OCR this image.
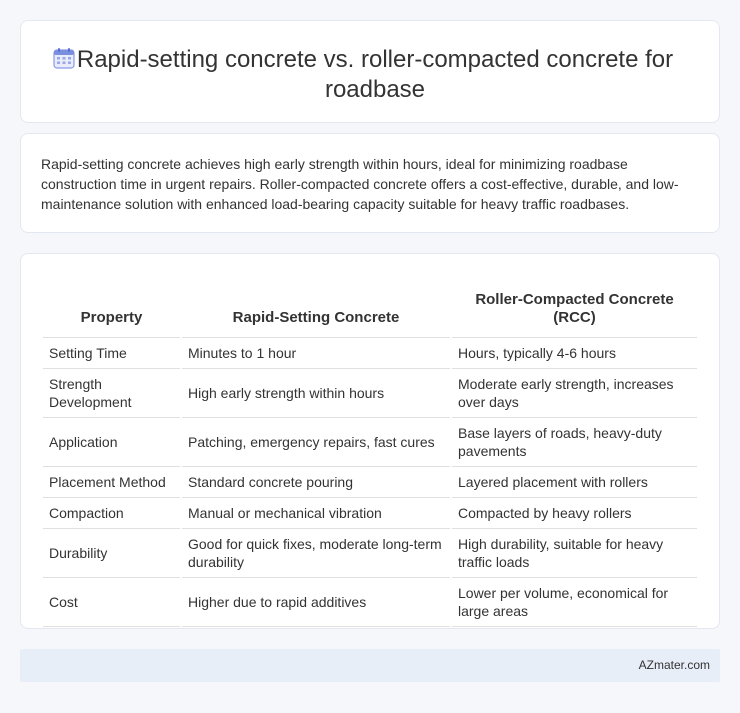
Rapid-setting concrete vs. roller-compacted concrete for roadbase

Rapid-setting concrete achieves high early strength within hours, ideal for minimizing roadbase construction time in urgent repairs. Roller-compacted concrete offers a cost-effective, durable, and low-maintenance solution with enhanced load-bearing capacity suitable for heavy traffic roadbases.

Property	Rapid-Setting Concrete	Roller-Compacted Concrete (RCC)
Setting Time	Minutes to 1 hour	Hours, typically 4-6 hours
Strength Development	High early strength within hours	Moderate early strength, increases over days
Application	Patching, emergency repairs, fast cures	Base layers of roads, heavy-duty pavements
Placement Method	Standard concrete pouring	Layered placement with rollers
Compaction	Manual or mechanical vibration	Compacted by heavy rollers
Durability	Good for quick fixes, moderate long-term durability	High durability, suitable for heavy traffic loads
Cost	Higher due to rapid additives	Lower per volume, economical for large areas
AZmater.com
